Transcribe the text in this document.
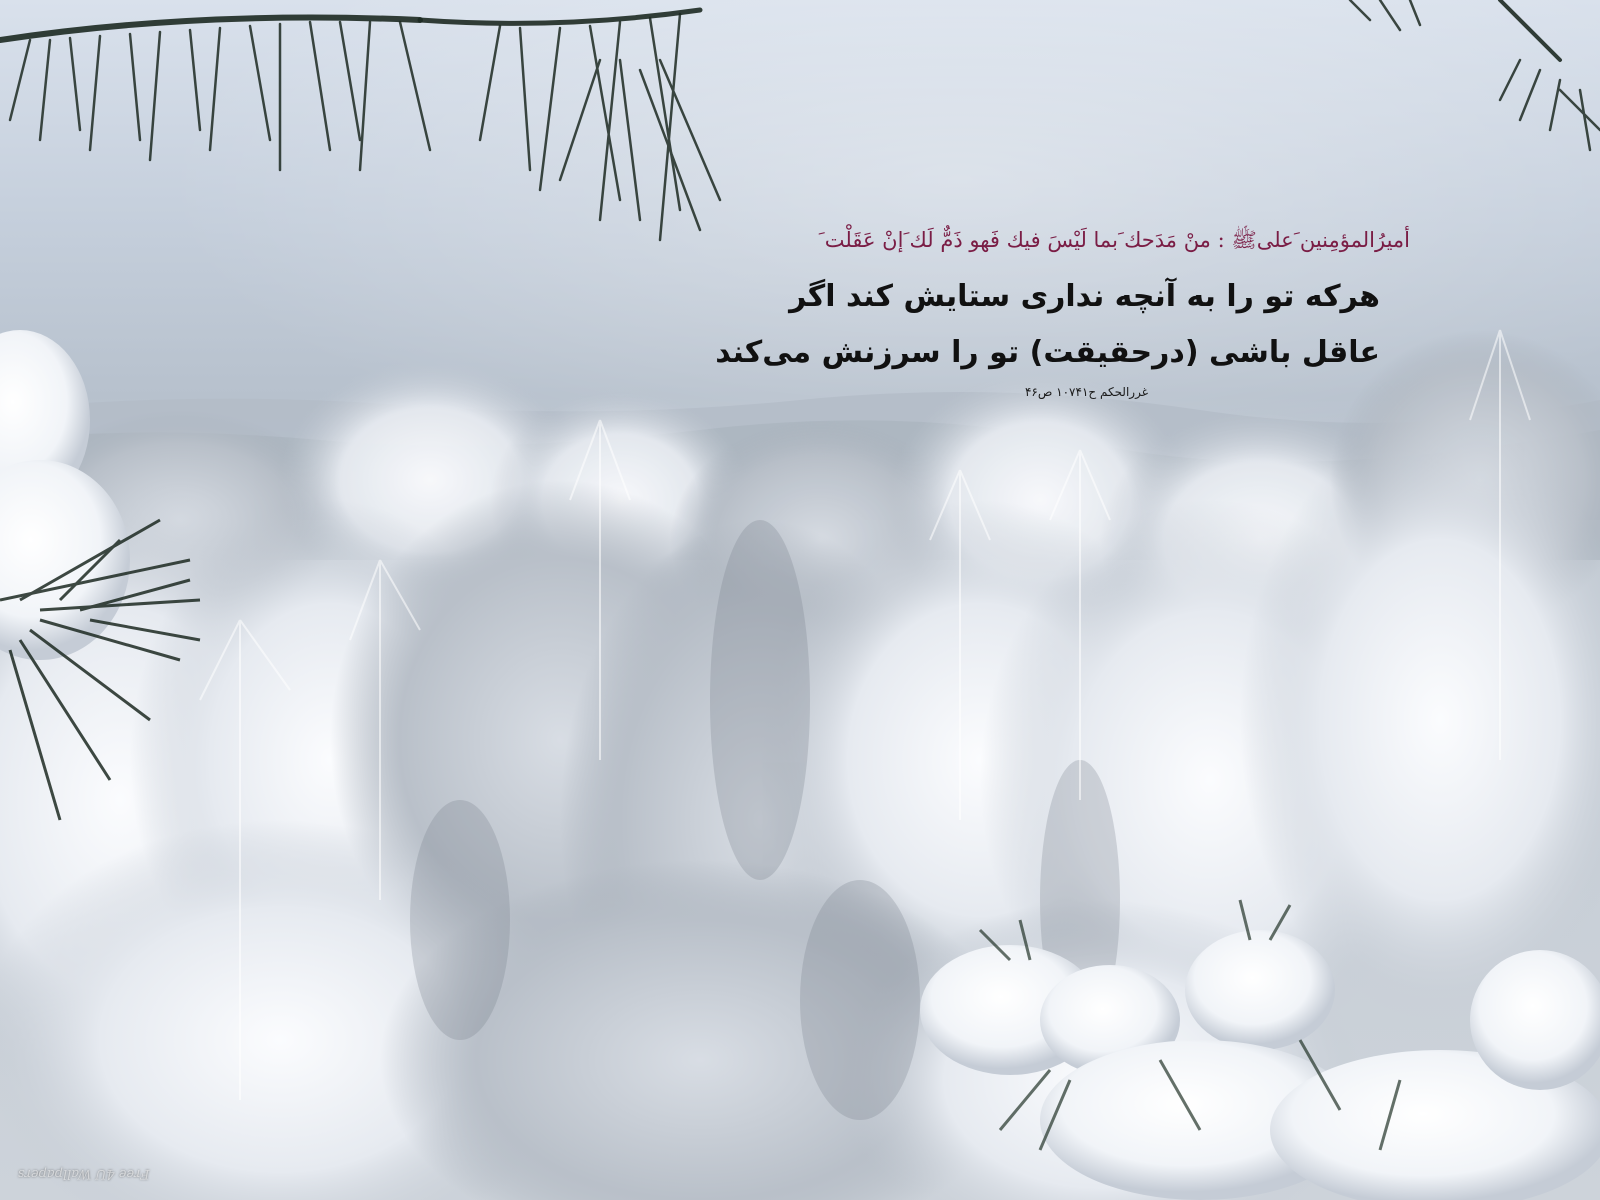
أميرُالمؤمِنين َعلىﷺ : منْ مَدَحك َبما لَيْسَ فيك فَهو ذَمٌّ لَك َإنْ عَقَلْت َ

هرکه تو را به آنچه نداری ستایش کند اگر

عاقل باشی (درحقیقت) تو را سرزنش می‌کند

غررالحکم ح۱۰۷۴۱ ص۴۶

Free 4U Wallpapers
